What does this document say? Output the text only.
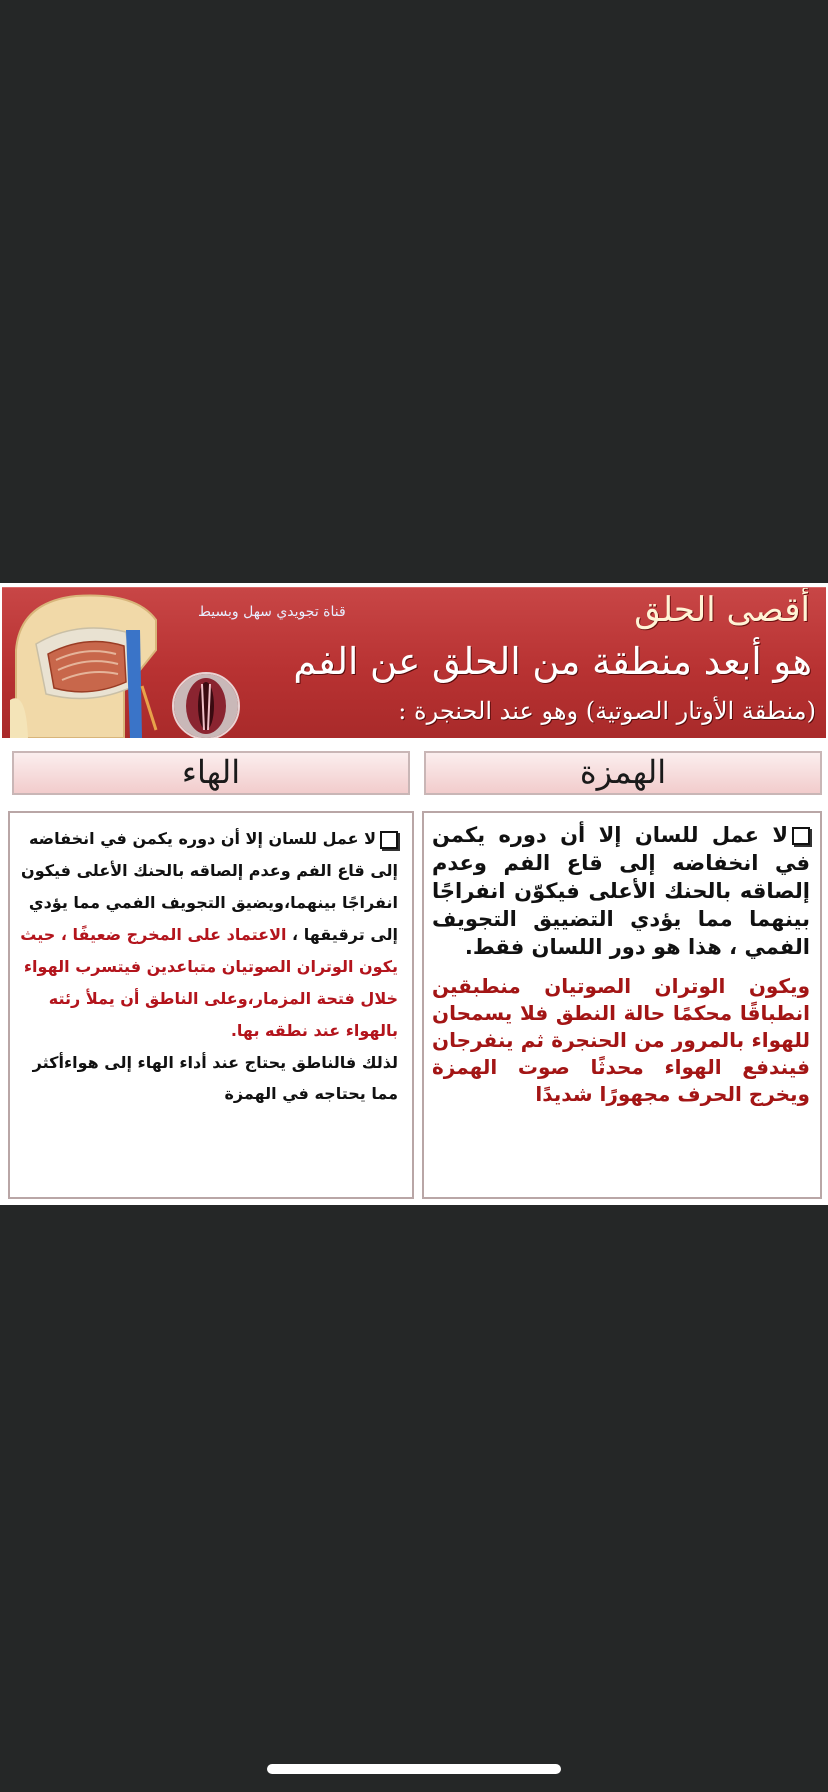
قناة تجويدي سهل وبسيط	أقصى الحلق
هو أبعد منطقة من الحلق عن الفم
(منطقة الأوتار الصوتية) وهو عند الحنجرة :
الهمزة
الهاء

لا عمل للسان إلا أن دوره يكمن في انخفاضه إلى قاع الفم وعدم إلصاقه بالحنك الأعلى فيكوّن انفراجًا بينهما مما يؤدي التضييق التجويف الفمي ، هذا هو دور اللسان فقط.

ويكون الوتران الصوتيان منطبقين انطباقًا محكمًا حالة النطق فلا يسمحان للهواء بالمرور من الحنجرة ثم ينفرجان فيندفع الهواء محدثًا صوت الهمزة ويخرج الحرف مجهورًا شديدًا

لا عمل للسان إلا أن دوره يكمن في انخفاضه إلى قاع الفم وعدم إلصاقه بالحنك الأعلى فيكون انفراجًا بينهما،ويضيق التجويف الفمي مما يؤدي إلى ترقيقها ، الاعتماد على المخرج ضعيفًا ، حيث يكون الوتران الصوتيان متباعدين فيتسرب الهواء خلال فتحة المزمار،وعلى الناطق أن يملأ رئته بالهواء عند نطقه بها.

لذلك فالناطق يحتاج عند أداء الهاء إلى هواءأكثر مما يحتاجه في الهمزة
